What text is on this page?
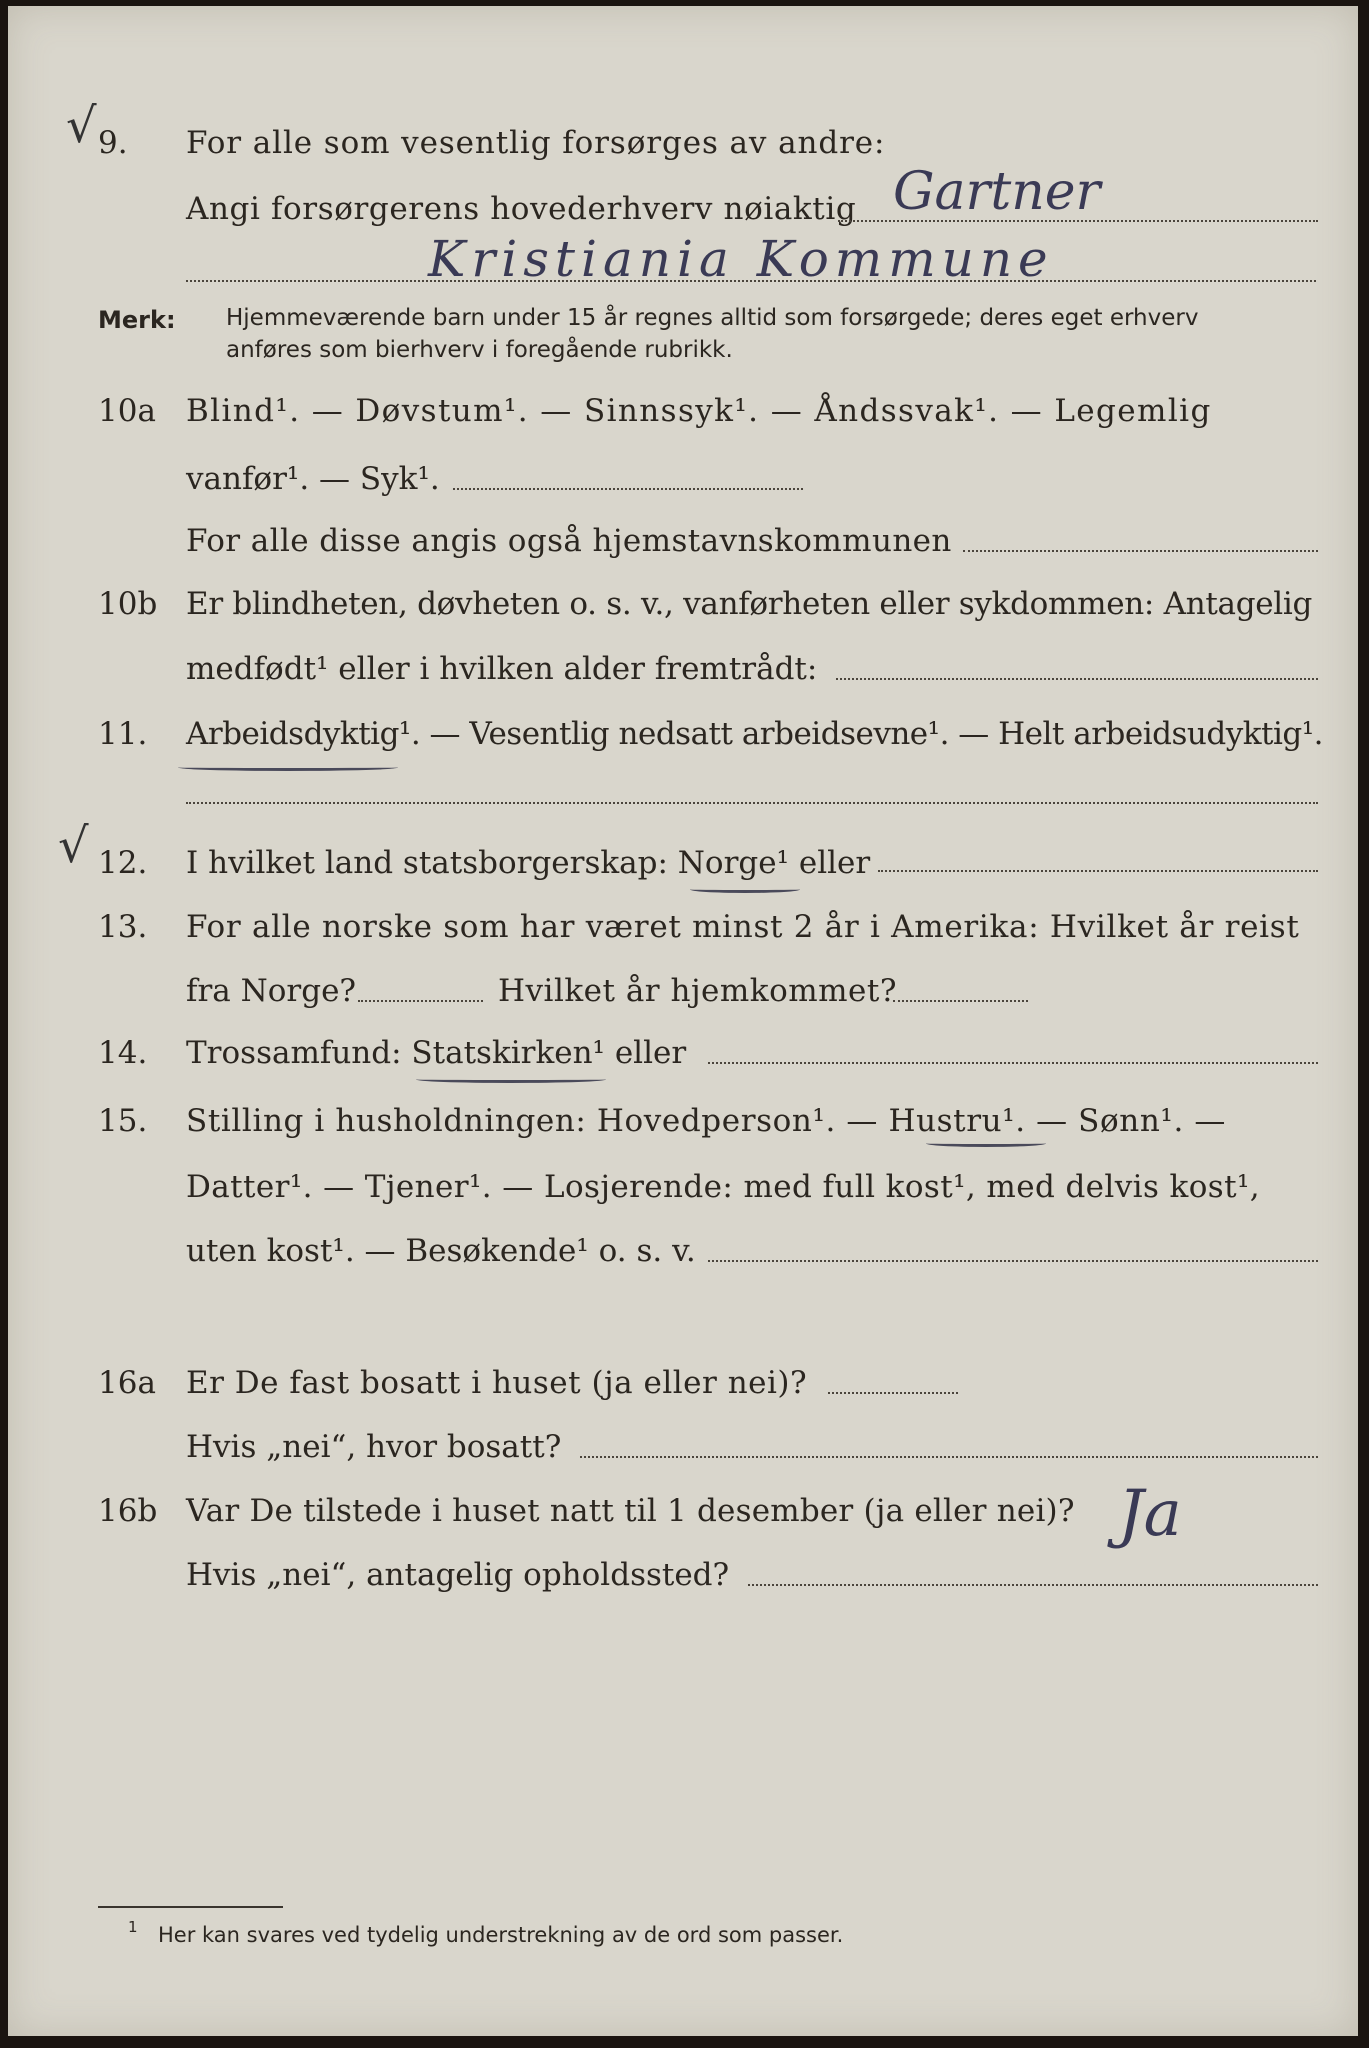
√
√
9. For alle som vesentlig forsørges av andre:
Angi forsørgerens hovederhverv nøiaktig Gartner
Kristiania Kommune
Merk: Hjemmeværende barn under 15 år regnes alltid som forsørgede; deres eget erhverv
anføres som bierhverv i foregående rubrikk.
10a Blind¹. — Døvstum¹. — Sinnssyk¹. — Åndssvak¹. — Legemlig
vanfør¹. — Syk¹.
For alle disse angis også hjemstavnskommunen
10b Er blindheten, døvheten o. s. v., vanførheten eller sykdommen: Antagelig
medfødt¹ eller i hvilken alder fremtrådt:
11. Arbeidsdyktig¹. — Vesentlig nedsatt arbeidsevne¹. — Helt arbeidsudyktig¹.
12. I hvilket land statsborgerskap: Norge¹ eller
13. For alle norske som har været minst 2 år i Amerika: Hvilket år reist
fra Norge?	Hvilket år hjemkommet?
14. Trossamfund: Statskirken¹ eller
15. Stilling i husholdningen: Hovedperson¹. — Hustru¹. — Sønn¹. —
Datter¹. — Tjener¹. — Losjerende: med full kost¹, med delvis kost¹,
uten kost¹. — Besøkende¹ o. s. v.
16a Er De fast bosatt i huset (ja eller nei)?
Hvis „nei“, hvor bosatt?
16b Var De tilstede i huset natt til 1 desember (ja eller nei)? Ja
Hvis „nei“, antagelig opholdssted?
1 Her kan svares ved tydelig understrekning av de ord som passer.
